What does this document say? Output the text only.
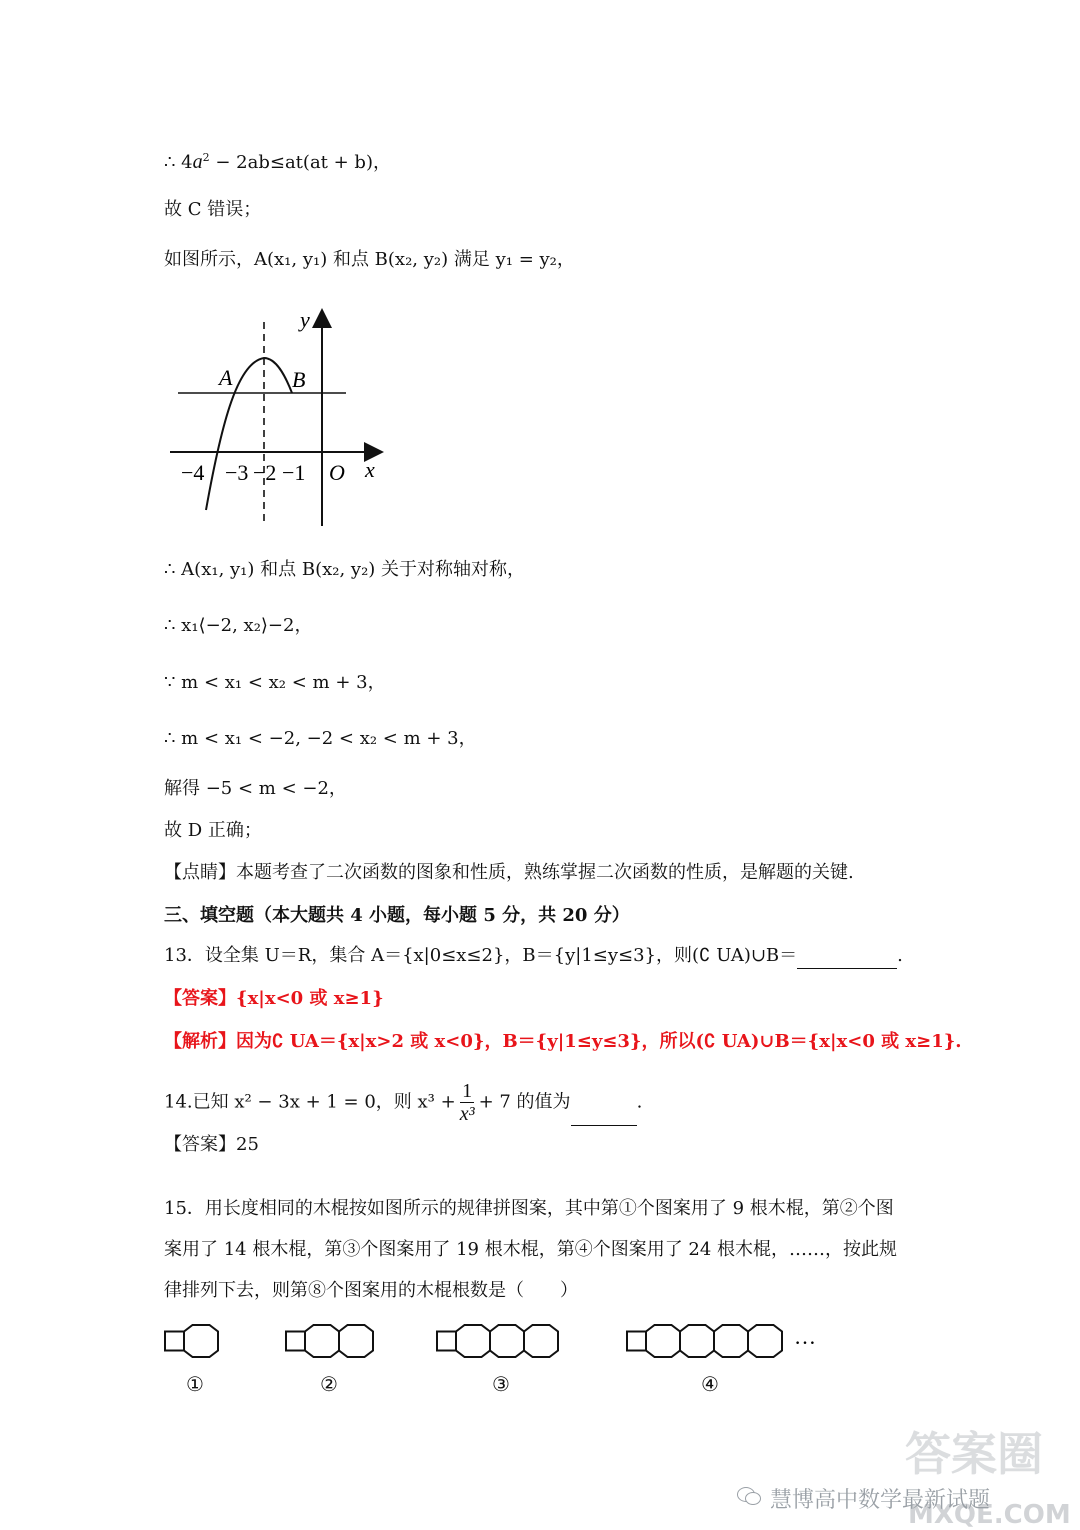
∴ $4a^2 - 2ab\le at(at + b)$，
故 C 错误；
如图所示，A(x₁, y₁) 和点 B(x₂, y₂) 满足 y₁ = y₂，
y
x
O
A	B
−4 −3 −2 −1
∴ A(x₁, y₁) 和点 B(x₂, y₂) 关于对称轴对称，
∴ x₁⟨−2, x₂⟩−2，
∵ m < x₁ < x₂ < m + 3，
∴ m < x₁ < −2, −2 < x₂ < m + 3，
解得 −5 < m < −2，
故 D 正确；
【点睛】本题考查了二次函数的图象和性质，熟练掌握二次函数的性质，是解题的关键.
三、填空题（本大题共 4 小题，每小题 5 分，共 20 分）
13．设全集 U＝R，集合 A＝{x|0≤x≤2}，B＝{y|1≤y≤3}，则(∁ UA)∪B＝	.
【答案】{x|x<0 或 x≥1}
【解析】因为∁ UA＝{x|x>2 或 x<0}，B＝{y|1≤y≤3}，所以(∁ UA)∪B＝{x|x<0 或 x≥1}.
14.已知 x² − 3x + 1 = 0，则 $x^3 + \frac{1}{\text{x³}} + 7$ 的值为	.
【答案】25
15．用长度相同的木棍按如图所示的规律拼图案，其中第①个图案用了 9 根木棍，第②个图
案用了 14 根木棍，第③个图案用了 19 根木棍，第④个图案用了 24 根木棍，……，按此规
律排列下去，则第⑧个图案用的木棍根数是（　　）
…
①	②	③	④
慧博高中数学最新试题
答案圈
MXQE.COM
